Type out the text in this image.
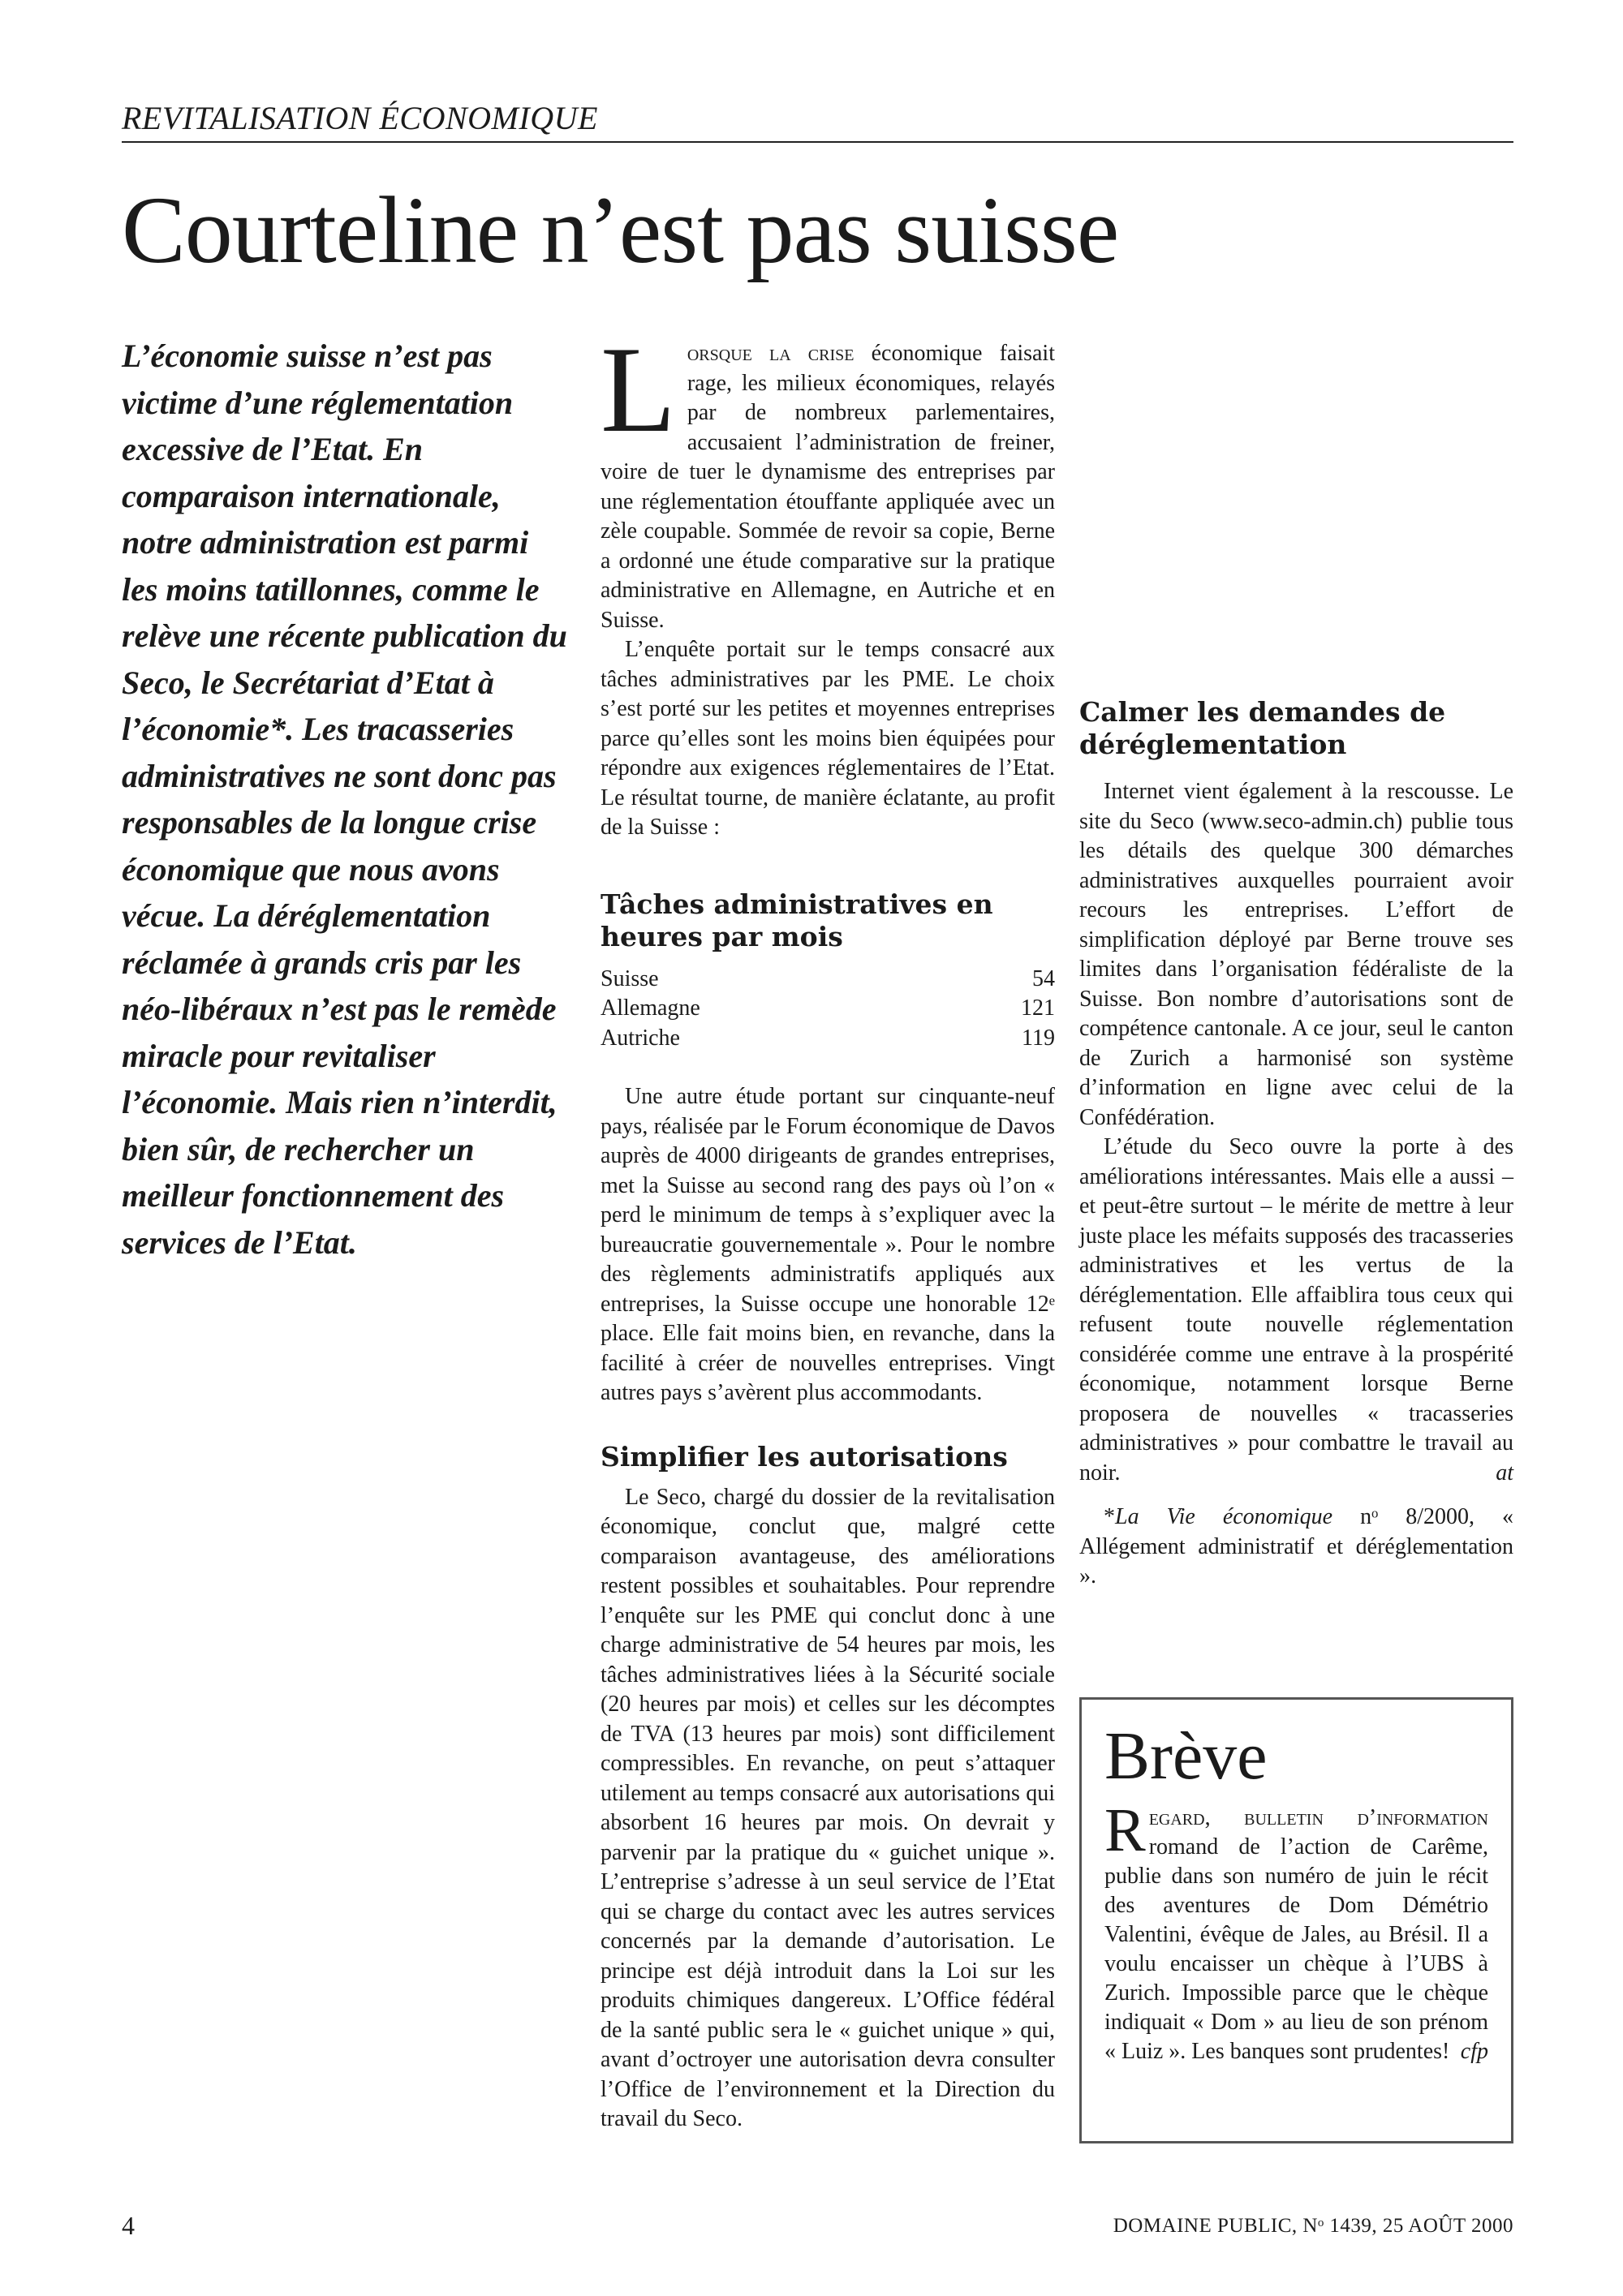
REVITALISATION ÉCONOMIQUE
Courteline n’est pas suisse
L’économie suisse n’est pas victime d’une réglementation excessive de l’Etat. En comparaison internationale, notre administration est parmi les moins tatillonnes, comme le relève une récente publication du Seco, le Secrétariat d’Etat à l’économie*. Les tracasseries administratives ne sont donc pas responsables de la longue crise économique que nous avons vécue. La déréglementation réclamée à grands cris par les néo-libéraux n’est pas le remède miracle pour revitaliser l’économie. Mais rien n’interdit, bien sûr, de rechercher un meilleur fonctionnement des services de l’Etat.

Lorsque la crise économique faisait rage, les milieux économiques, relayés par de nombreux parlementaires, accusaient l’administration de freiner, voire de tuer le dynamisme des entreprises par une réglementation étouffante appliquée avec un zèle coupable. Sommée de revoir sa copie, Berne a ordonné une étude comparative sur la pratique administrative en Allemagne, en Autriche et en Suisse.

L’enquête portait sur le temps consacré aux tâches administratives par les PME. Le choix s’est porté sur les petites et moyennes entreprises parce qu’elles sont les moins bien équipées pour répondre aux exigences réglementaires de l’Etat. Le résultat tourne, de manière éclatante, au profit de la Suisse :

Tâches administratives en heures par mois
Suisse	54
Allemagne	121
Autriche	119

Une autre étude portant sur cinquante-neuf pays, réalisée par le Forum économique de Davos auprès de 4000 dirigeants de grandes entreprises, met la Suisse au second rang des pays où l’on « perd le minimum de temps à s’expliquer avec la bureaucratie gouvernementale ». Pour le nombre des règlements administratifs appliqués aux entreprises, la Suisse occupe une honorable 12ᵉ place. Elle fait moins bien, en revanche, dans la facilité à créer de nouvelles entreprises. Vingt autres pays s’avèrent plus accommodants.

Simplifier les autorisations

Le Seco, chargé du dossier de la revitalisation économique, conclut que, malgré cette comparaison avantageuse, des améliorations restent possibles et souhaitables. Pour reprendre l’enquête sur les PME qui conclut donc à une charge administrative de 54 heures par mois, les tâches administratives liées à la Sécurité sociale (20 heures par mois) et celles sur les décomptes de TVA (13 heures par mois) sont difficilement compressibles. En revanche, on peut s’attaquer utilement au temps consacré aux autorisations qui absorbent 16 heures par mois. On devrait y parvenir par la pratique du « guichet unique ». L’entreprise s’adresse à un seul service de l’Etat qui se charge du contact avec les autres services concernés par la demande d’autorisation. Le principe est déjà introduit dans la Loi sur les produits chimiques dangereux. L’Office fédéral de la santé public sera le « guichet unique » qui, avant d’octroyer une autorisation devra consulter l’Office de l’environnement et la Direction du travail du Seco.

Calmer les demandes de déréglementation

Internet vient également à la rescousse. Le site du Seco (www.seco-admin.ch) publie tous les détails des quelque 300 démarches administratives auxquelles pourraient avoir recours les entreprises. L’effort de simplification déployé par Berne trouve ses limites dans l’organisation fédéraliste de la Suisse. Bon nombre d’autorisations sont de compétence cantonale. A ce jour, seul le canton de Zurich a harmonisé son système d’information en ligne avec celui de la Confédération.

L’étude du Seco ouvre la porte à des améliorations intéressantes. Mais elle a aussi – et peut-être surtout – le mérite de mettre à leur juste place les méfaits supposés des tracasseries administratives et les vertus de la déréglementation. Elle affaiblira tous ceux qui refusent toute nouvelle réglementation considérée comme une entrave à la prospérité économique, notamment lorsque Berne proposera de nouvelles « tracasseries administratives » pour combattre le travail au noir.	at

*La Vie économique nᵒ 8/2000, « Allégement administratif et déréglementation ».

Brève

Regard, bulletin d’information romand de l’action de Carême, publie dans son numéro de juin le récit des aventures de Dom Démétrio Valentini, évêque de Jales, au Brésil. Il a voulu encaisser un chèque à l’UBS à Zurich. Impossible parce que le chèque indiquait « Dom » au lieu de son prénom « Luiz ». Les banques sont prudentes! cfp

4	DOMAINE PUBLIC, Nᵒ 1439, 25 AOÛT 2000
